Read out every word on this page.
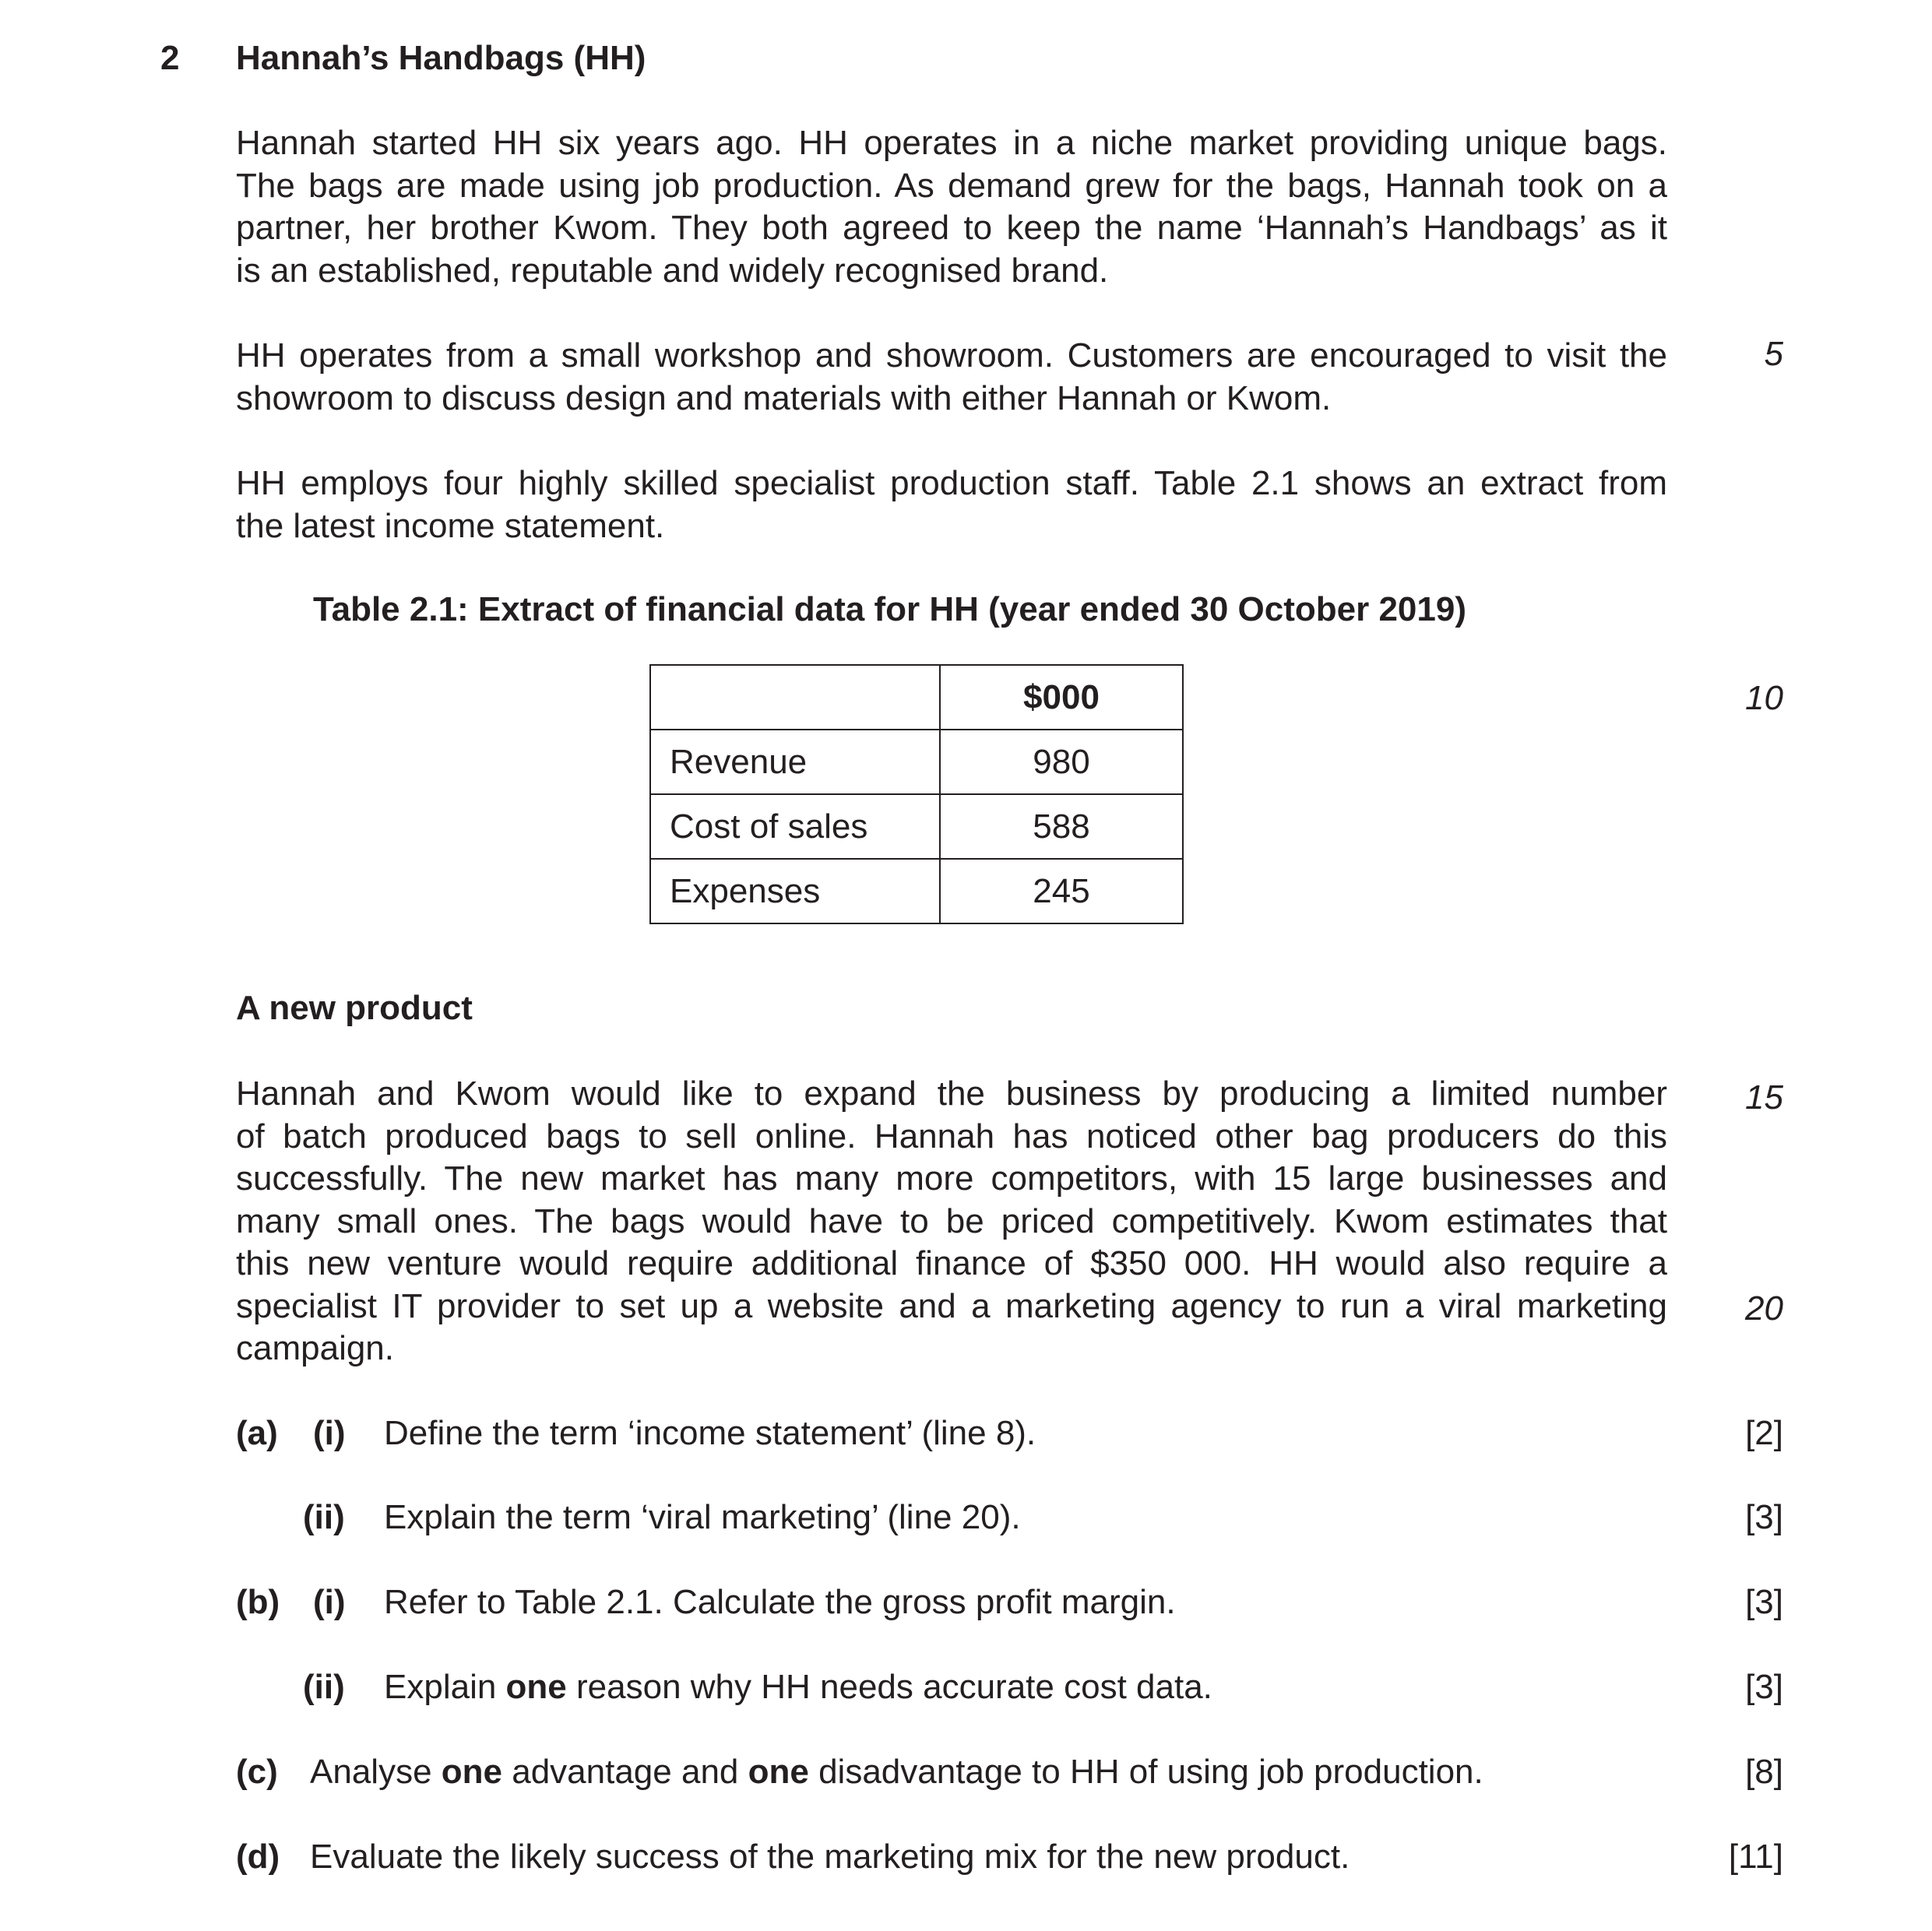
2 Hannah’s Handbags (HH)

Hannah started HH six years ago. HH operates in a niche market providing unique bags.
The bags are made using job production. As demand grew for the bags, Hannah took on a
partner, her brother Kwom. They both agreed to keep the name ‘Hannah’s Handbags’ as it
is an established, reputable and widely recognised brand.

HH operates from a small workshop and showroom. Customers are encouraged to visit the
showroom to discuss design and materials with either Hannah or Kwom.

5

HH employs four highly skilled specialist production staff. Table 2.1 shows an extract from
the latest income statement.

Table 2.1: Extract of financial data for HH (year ended 30 October 2019)
	$000
Revenue	980
Cost of sales	588
Expenses	245
10
A new product

Hannah and Kwom would like to expand the business by producing a limited number
of batch produced bags to sell online. Hannah has noticed other bag producers do this
successfully. The new market has many more competitors, with 15 large businesses and
many small ones. The bags would have to be priced competitively. Kwom estimates that
this new venture would require additional finance of $350 000. HH would also require a
specialist IT provider to set up a website and a marketing agency to run a viral marketing
campaign.

15
20
(a) (i) Define the term ‘income statement’ (line 8).	[2]
(ii) Explain the term ‘viral marketing’ (line 20).	[3]
(b) (i) Refer to Table 2.1. Calculate the gross profit margin.	[3]
(ii) Explain one reason why HH needs accurate cost data.	[3]
(c) Analyse one advantage and one disadvantage to HH of using job production.	[8]
(d) Evaluate the likely success of the marketing mix for the new product.	[11]
